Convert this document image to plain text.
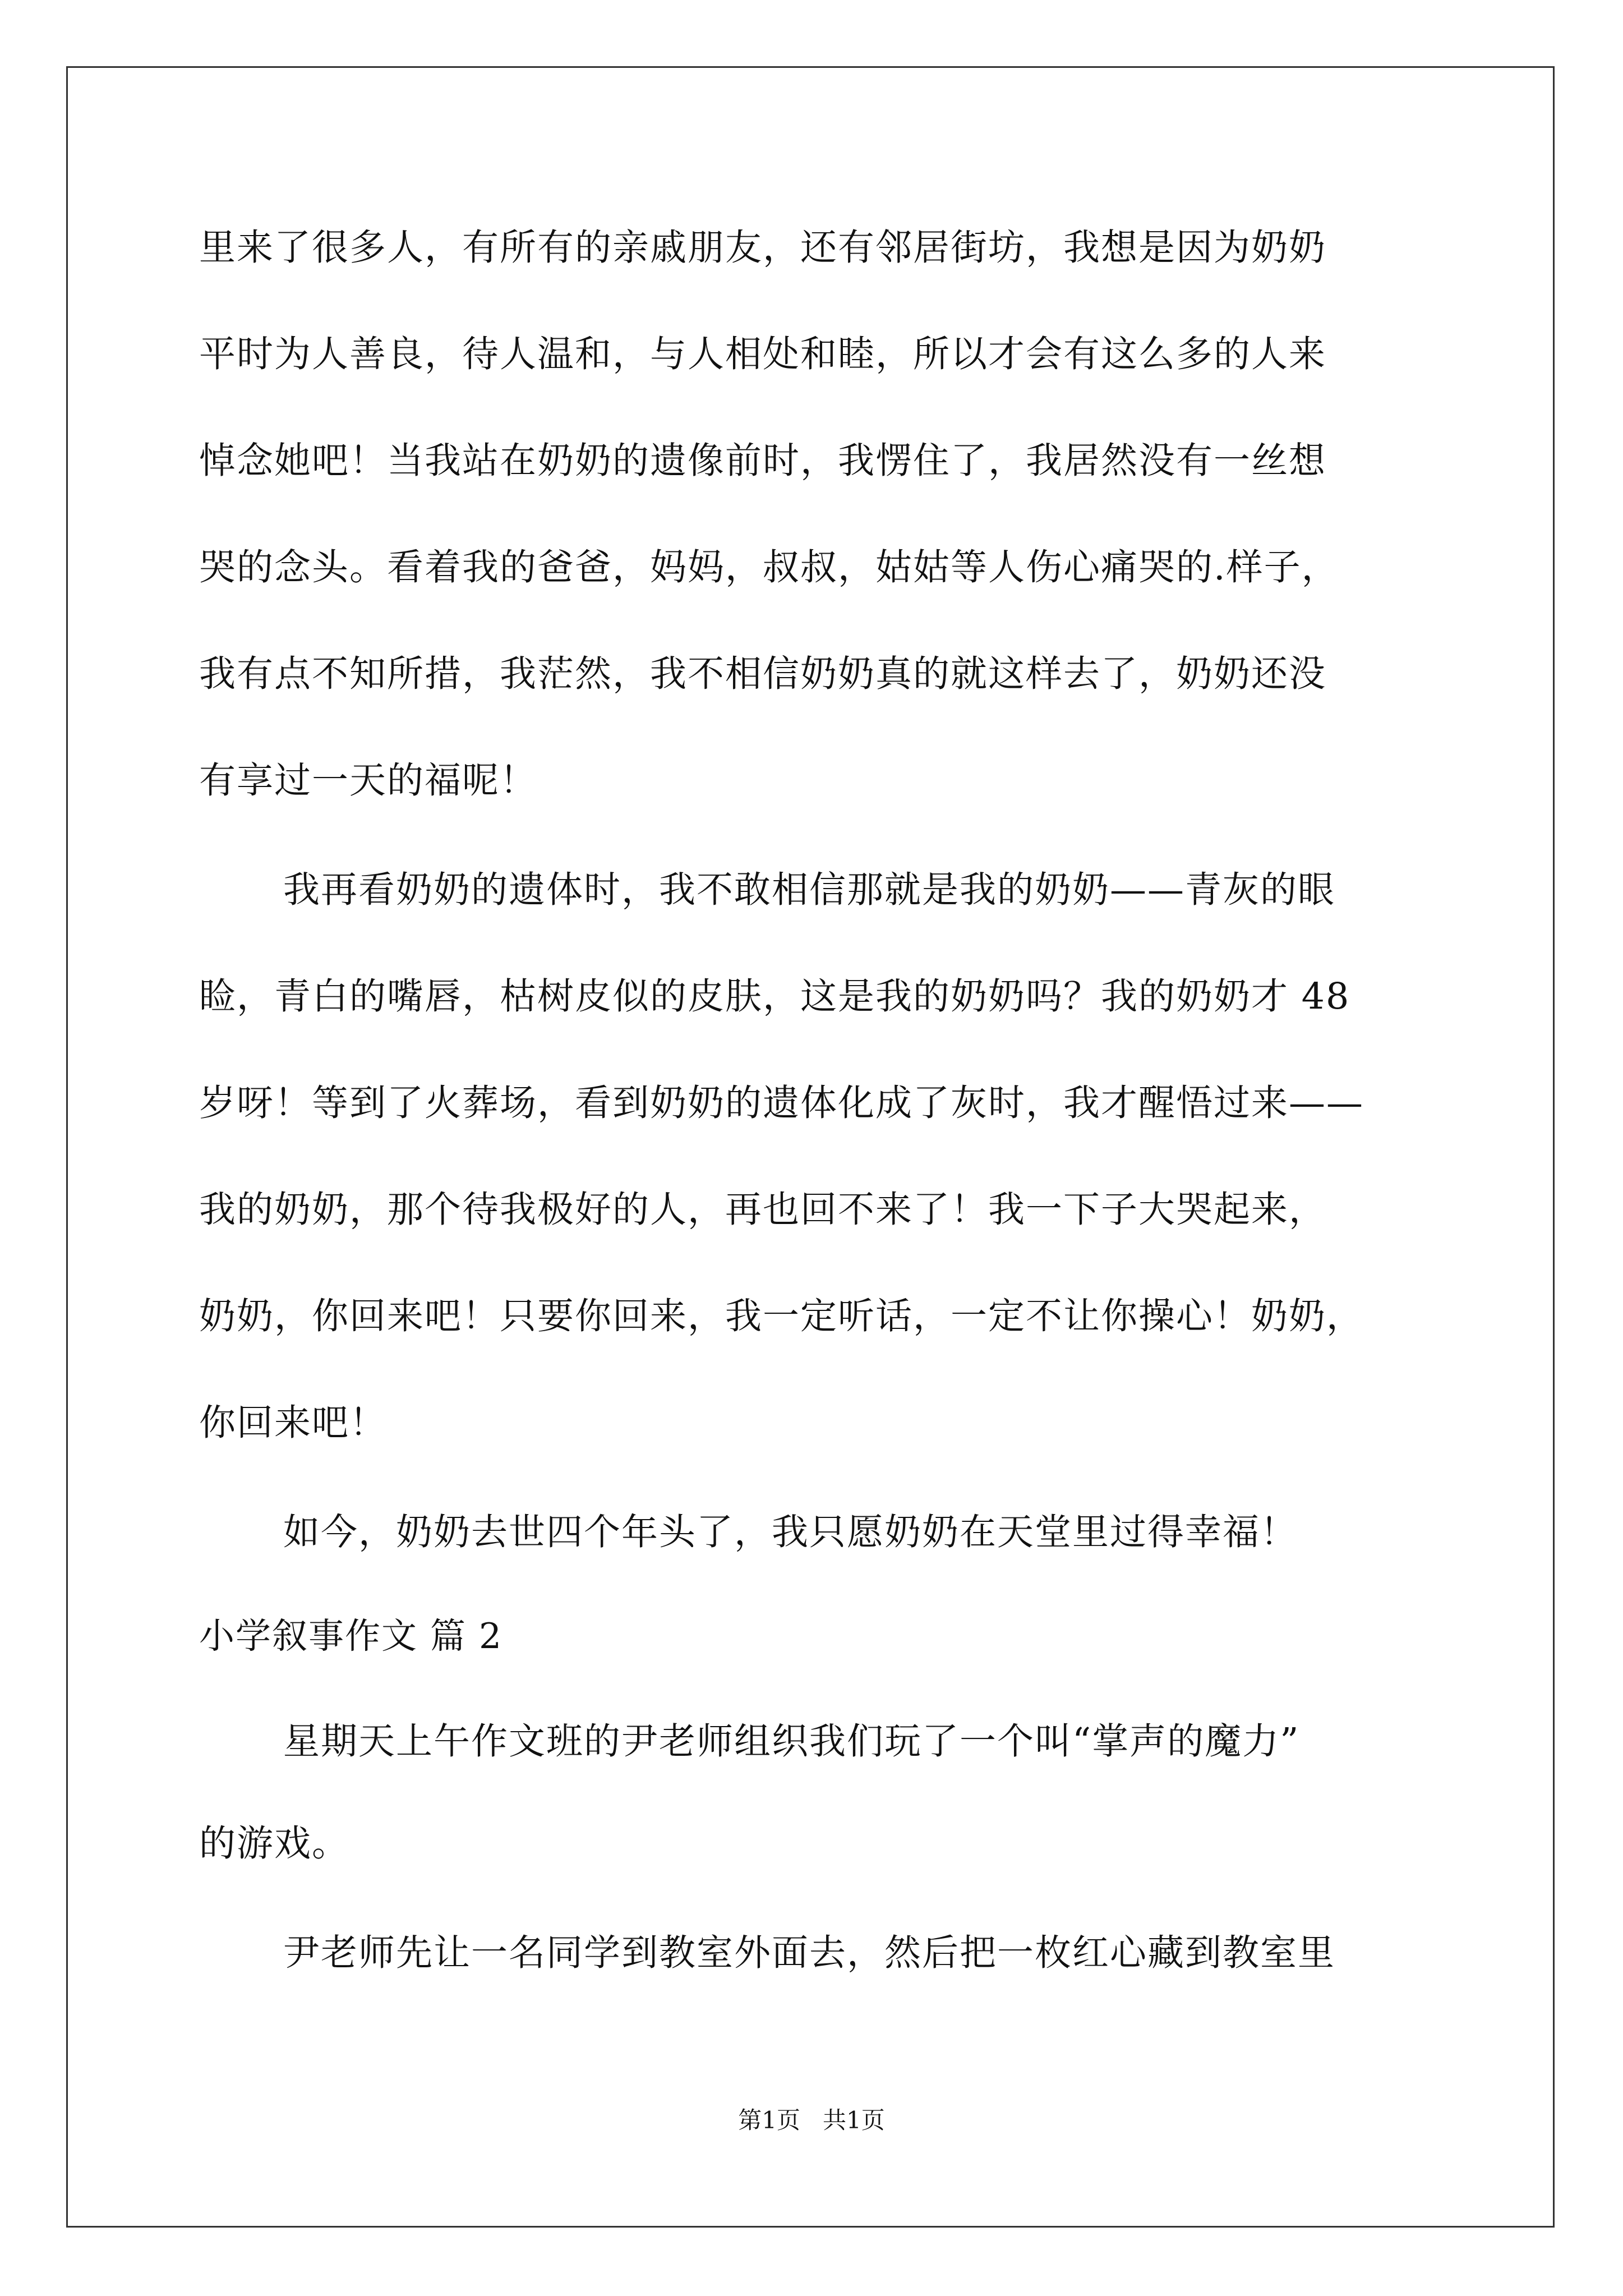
里来了很多人，有所有的亲戚朋友，还有邻居街坊，我想是因为奶奶
平时为人善良，待人温和，与人相处和睦，所以才会有这么多的人来
悼念她吧！当我站在奶奶的遗像前时，我愣住了，我居然没有一丝想
哭的念头。看着我的爸爸，妈妈，叔叔，姑姑等人伤心痛哭的.样子，
我有点不知所措，我茫然，我不相信奶奶真的就这样去了，奶奶还没
有享过一天的福呢！
我再看奶奶的遗体时，我不敢相信那就是我的奶奶——青灰的眼
睑，青白的嘴唇，枯树皮似的皮肤，这是我的奶奶吗？我的奶奶才 48
岁呀！等到了火葬场，看到奶奶的遗体化成了灰时，我才醒悟过来——
我的奶奶，那个待我极好的人，再也回不来了！我一下子大哭起来，
奶奶，你回来吧！只要你回来，我一定听话，一定不让你操心！奶奶，
你回来吧！
如今，奶奶去世四个年头了，我只愿奶奶在天堂里过得幸福！
小学叙事作文 篇 2
星期天上午作文班的尹老师组织我们玩了一个叫“掌声的魔力”
的游戏。
尹老师先让一名同学到教室外面去，然后把一枚红心藏到教室里
第1页   共1页
